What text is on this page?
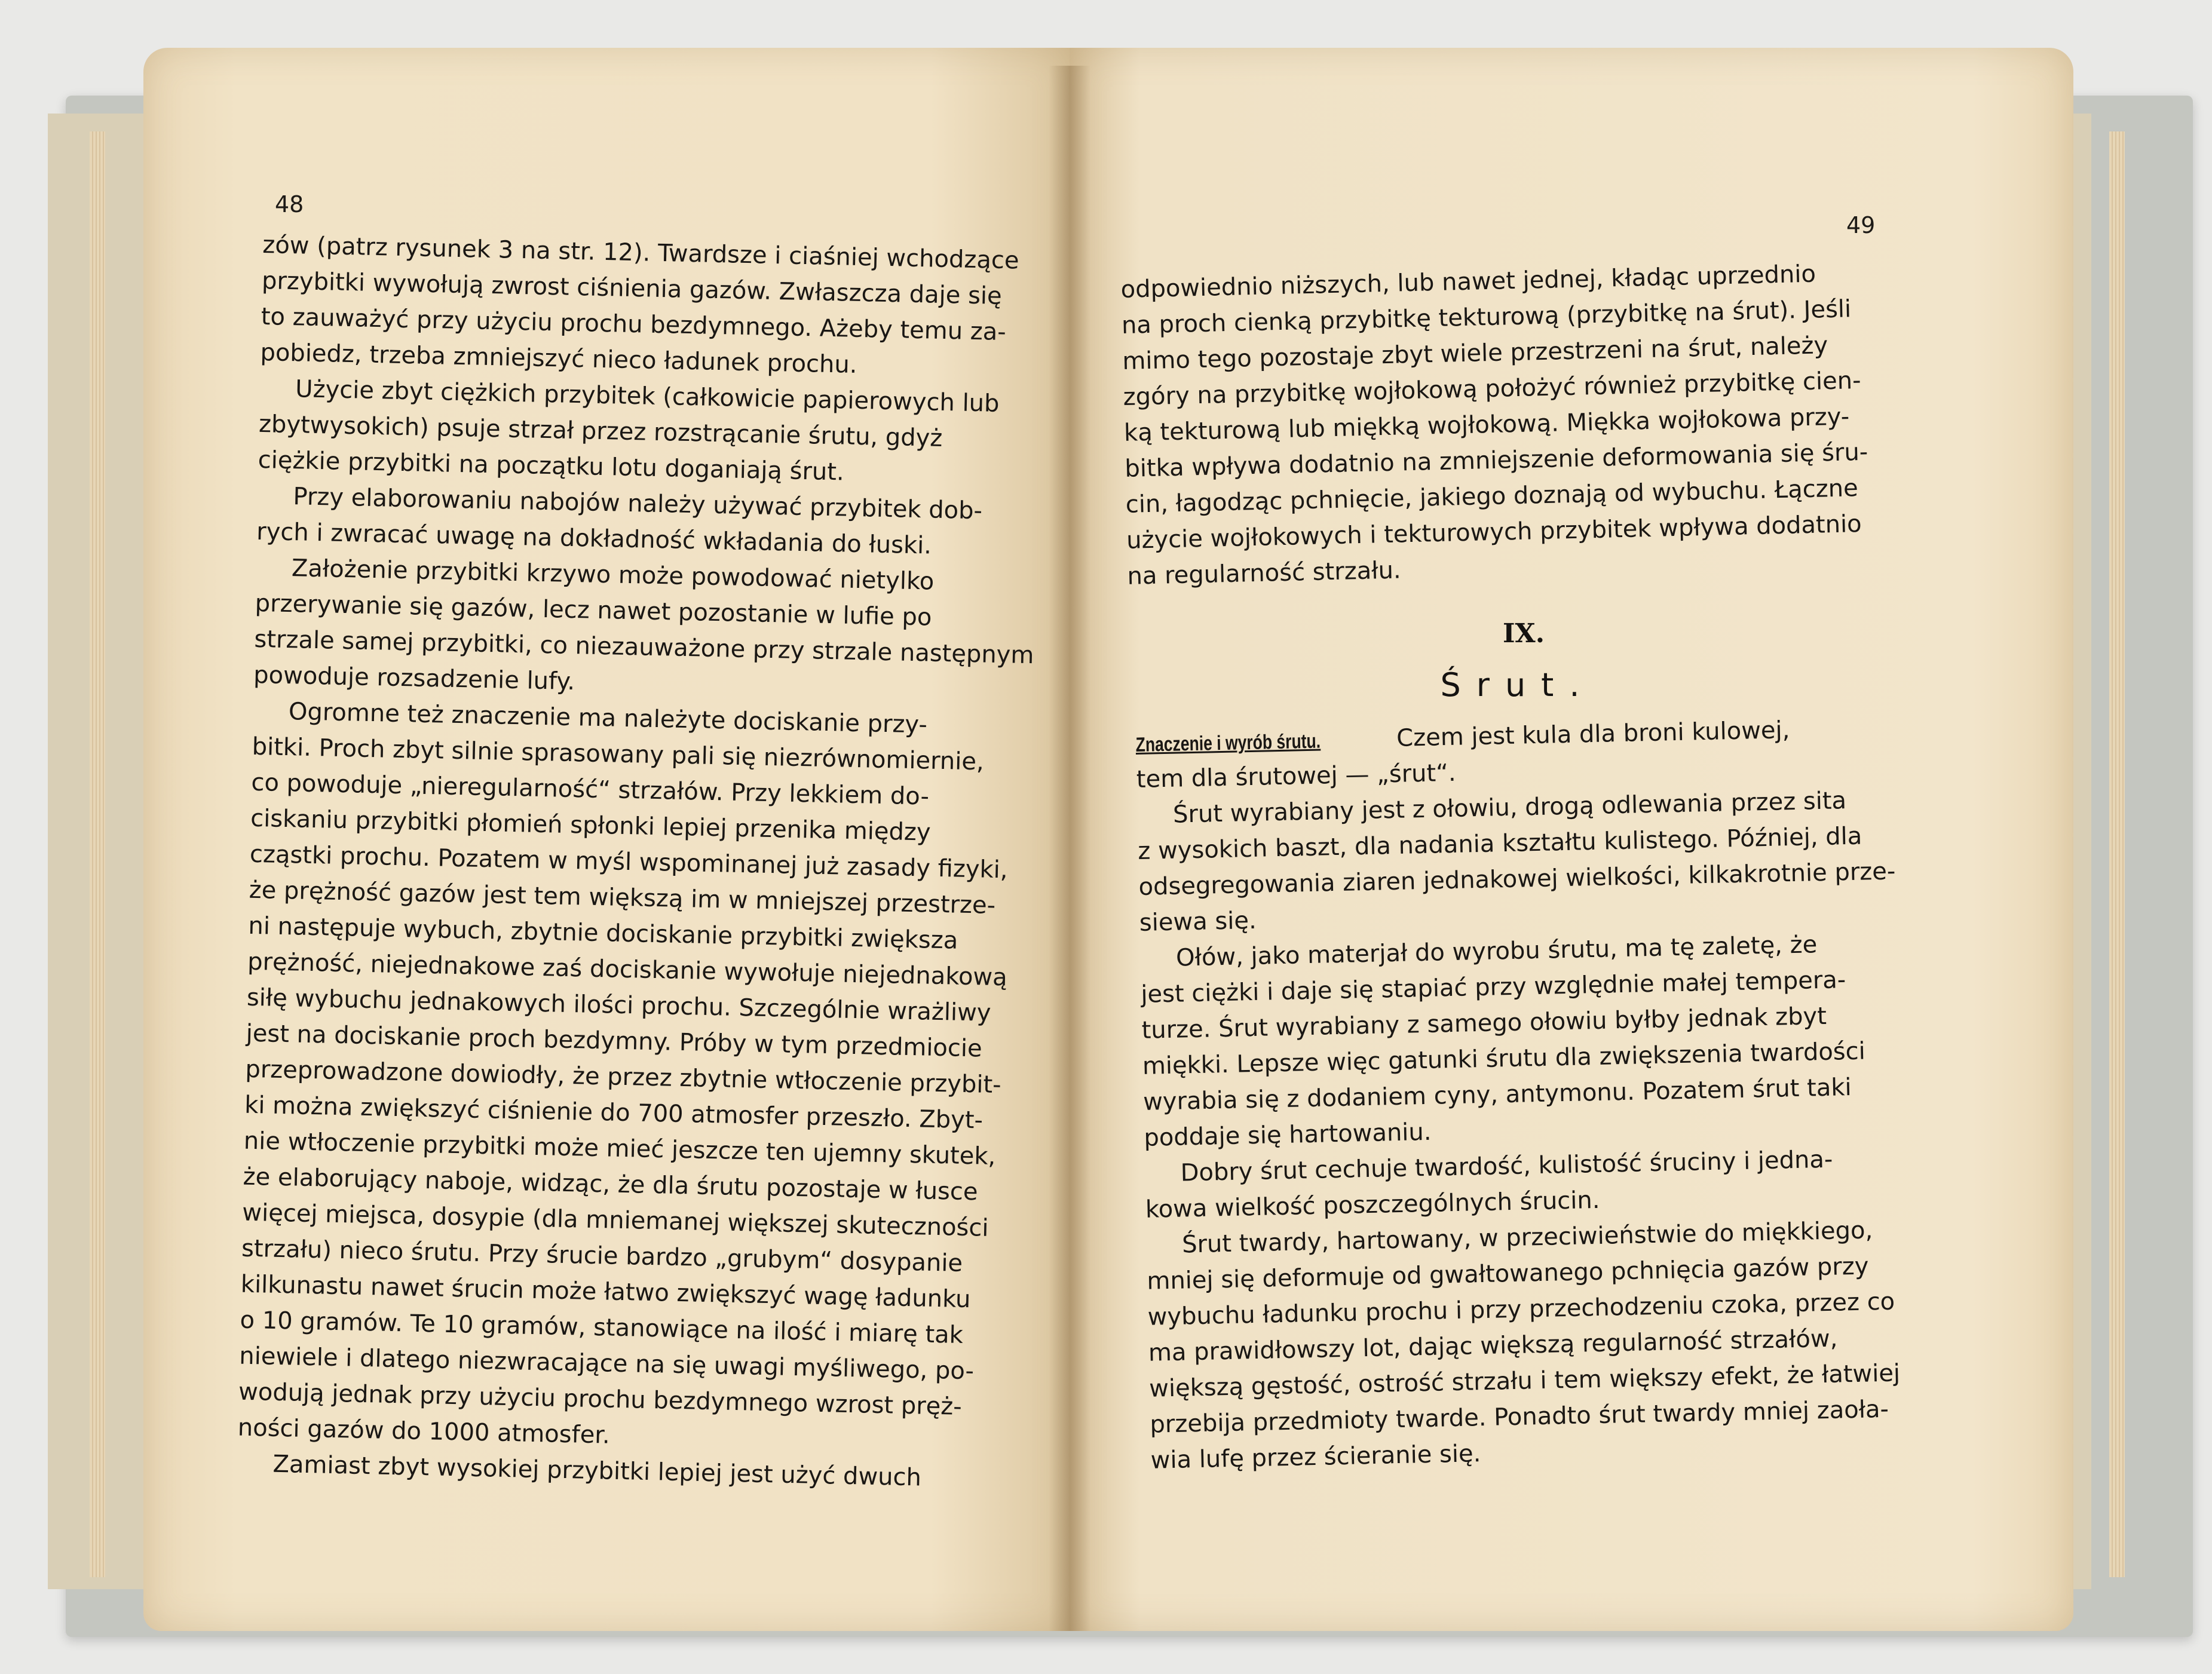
48
zów (patrz rysunek 3 na str. 12). Twardsze i ciaśniej wchodzące
przybitki wywołują zwrost ciśnienia gazów. Zwłaszcza daje się
to zauważyć przy użyciu prochu bezdymnego. Ażeby temu za-
pobiedz, trzeba zmniejszyć nieco ładunek prochu.
Użycie zbyt ciężkich przybitek (całkowicie papierowych lub
zbytwysokich) psuje strzał przez rozstrącanie śrutu, gdyż
ciężkie przybitki na początku lotu doganiają śrut.
Przy elaborowaniu nabojów należy używać przybitek dob-
rych i zwracać uwagę na dokładność wkładania do łuski.
Założenie przybitki krzywo może powodować nietylko
przerywanie się gazów, lecz nawet pozostanie w lufie po
strzale samej przybitki, co niezauważone przy strzale następnym
powoduje rozsadzenie lufy.
Ogromne też znaczenie ma należyte dociskanie przy-
bitki. Proch zbyt silnie sprasowany pali się niezrównomiernie,
co powoduje „nieregularność“ strzałów. Przy lekkiem do-
ciskaniu przybitki płomień spłonki lepiej przenika między
cząstki prochu. Pozatem w myśl wspominanej już zasady fizyki,
że prężność gazów jest tem większą im w mniejszej przestrze-
ni następuje wybuch, zbytnie dociskanie przybitki zwiększa
prężność, niejednakowe zaś dociskanie wywołuje niejednakową
siłę wybuchu jednakowych ilości prochu. Szczególnie wrażliwy
jest na dociskanie proch bezdymny. Próby w tym przedmiocie
przeprowadzone dowiodły, że przez zbytnie wtłoczenie przybit-
ki można zwiększyć ciśnienie do 700 atmosfer przeszło. Zbyt-
nie wtłoczenie przybitki może mieć jeszcze ten ujemny skutek,
że elaborujący naboje, widząc, że dla śrutu pozostaje w łusce
więcej miejsca, dosypie (dla mniemanej większej skuteczności
strzału) nieco śrutu. Przy śrucie bardzo „grubym“ dosypanie
kilkunastu nawet śrucin może łatwo zwiększyć wagę ładunku
o 10 gramów. Te 10 gramów, stanowiące na ilość i miarę tak
niewiele i dlatego niezwracające na się uwagi myśliwego, po-
wodują jednak przy użyciu prochu bezdymnego wzrost pręż-
ności gazów do 1000 atmosfer.
Zamiast zbyt wysokiej przybitki lepiej jest użyć dwuch
49
odpowiednio niższych, lub nawet jednej, kładąc uprzednio
na proch cienką przybitkę tekturową (przybitkę na śrut). Jeśli
mimo tego pozostaje zbyt wiele przestrzeni na śrut, należy
zgóry na przybitkę wojłokową położyć również przybitkę cien-
ką tekturową lub miękką wojłokową. Miękka wojłokowa przy-
bitka wpływa dodatnio na zmniejszenie deformowania się śru-
cin, łagodząc pchnięcie, jakiego doznają od wybuchu. Łączne
użycie wojłokowych i tekturowych przybitek wpływa dodatnio
na regularność strzału.
IX.
Śrut.
Znaczenie i wyrób śrutu.	Czem jest kula dla broni kulowej,
tem dla śrutowej — „śrut“.
Śrut wyrabiany jest z ołowiu, drogą odlewania przez sita
z wysokich baszt, dla nadania kształtu kulistego. Później, dla
odsegregowania ziaren jednakowej wielkości, kilkakrotnie prze-
siewa się.
Ołów, jako materjał do wyrobu śrutu, ma tę zaletę, że
jest ciężki i daje się stapiać przy względnie małej tempera-
turze. Śrut wyrabiany z samego ołowiu byłby jednak zbyt
miękki. Lepsze więc gatunki śrutu dla zwiększenia twardości
wyrabia się z dodaniem cyny, antymonu. Pozatem śrut taki
poddaje się hartowaniu.
Dobry śrut cechuje twardość, kulistość śruciny i jedna-
kowa wielkość poszczególnych śrucin.
Śrut twardy, hartowany, w przeciwieństwie do miękkiego,
mniej się deformuje od gwałtowanego pchnięcia gazów przy
wybuchu ładunku prochu i przy przechodzeniu czoka, przez co
ma prawidłowszy lot, dając większą regularność strzałów,
większą gęstość, ostrość strzału i tem większy efekt, że łatwiej
przebija przedmioty twarde. Ponadto śrut twardy mniej zaoła-
wia lufę przez ścieranie się.
